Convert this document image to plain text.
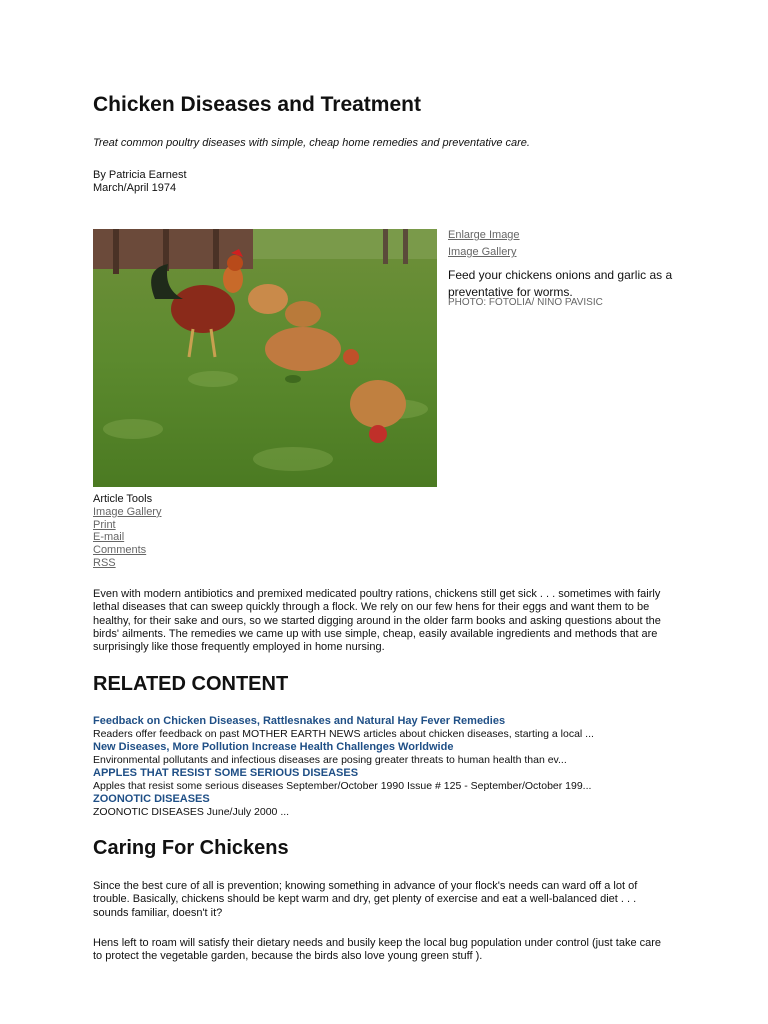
Chicken Diseases and Treatment
Treat common poultry diseases with simple, cheap home remedies and preventative care.
By Patricia Earnest
March/April 1974
Enlarge Image
Image Gallery
Feed your chickens onions and garlic as a preventative for worms.
PHOTO: FOTOLIA/ NINO PAVISIC
Article Tools
Image Gallery
Print
E-mail
Comments
RSS

Even with modern antibiotics and premixed medicated poultry rations, chickens still get sick . . . sometimes with fairly lethal diseases that can sweep quickly through a flock. We rely on our few hens for their eggs and want them to be healthy, for their sake and ours, so we started digging around in the older farm books and asking questions about the birds' ailments. The remedies we came up with use simple, cheap, easily available ingredients and methods that are surprisingly like those frequently employed in home nursing.

RELATED CONTENT
Feedback on Chicken Diseases, Rattlesnakes and Natural Hay Fever Remedies
Readers offer feedback on past MOTHER EARTH NEWS articles about chicken diseases, starting a local ...
New Diseases, More Pollution Increase Health Challenges Worldwide
Environmental pollutants and infectious diseases are posing greater threats to human health than ev...
APPLES THAT RESIST SOME SERIOUS DISEASES
Apples that resist some serious diseases September/October 1990 Issue # 125 - September/October 199...
ZOONOTIC DISEASES
ZOONOTIC DISEASES June/July 2000 ...
Caring For Chickens

Since the best cure of all is prevention; knowing something in advance of your flock's needs can ward off a lot of trouble. Basically, chickens should be kept warm and dry, get plenty of exercise and eat a well-balanced diet . . . sounds familiar, doesn't it?

Hens left to roam will satisfy their dietary needs and busily keep the local bug population under control (just take care to protect the vegetable garden, because the birds also love young green stuff ).
